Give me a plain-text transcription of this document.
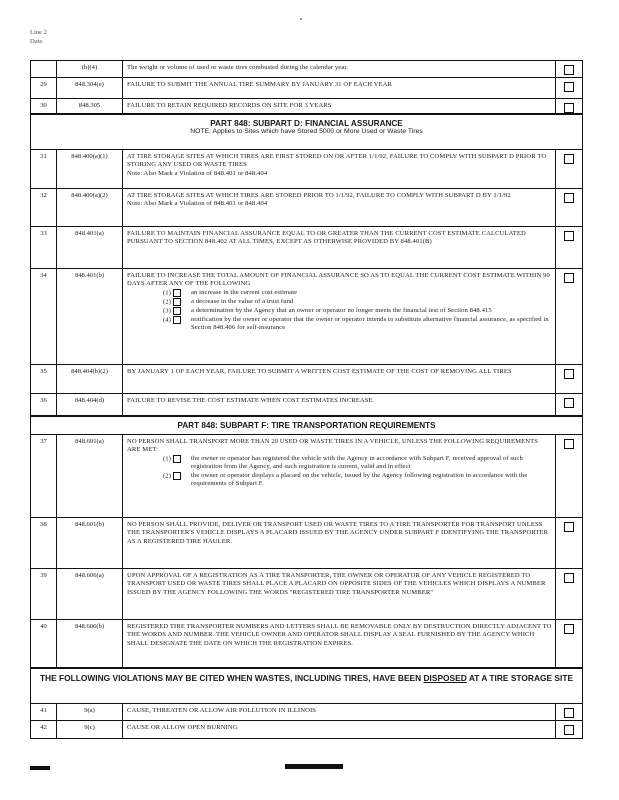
Line 2
Date
(b)(4)	The weight or volume of used or waste tires combusted during the calendar year.
29	848.304(e)	FAILURE TO SUBMIT THE ANNUAL TIRE SUMMARY BY JANUARY 31 OF EACH YEAR
30	848.305	FAILURE TO RETAIN REQUIRED RECORDS ON SITE FOR 3 YEARS
PART 848: SUBPART D: FINANCIAL ASSURANCE
NOTE: Applies to Sites which have Stored 5000 or More Used or Waste Tires
31	848.400(a)(1)	AT TIRE STORAGE SITES AT WHICH TIRES ARE FIRST STORED ON OR AFTER 1/1/92, FAILURE TO COMPLY WITH SUBPART D PRIOR TO STORING ANY USED OR WASTE TIRES
Note: Also Mark a Violation of 848.401 or 848.404
32	848.400(a)(2)	AT TIRE STORAGE SITES AT WHICH TIRES ARE STORED PRIOR TO 1/1/92, FAILURE TO COMPLY WITH SUBPART D BY 1/1/92
Note: Also Mark a Violation of 848.401 or 848.404
33	848.401(a)	FAILURE TO MAINTAIN FINANCIAL ASSURANCE EQUAL TO OR GREATER THAN THE CURRENT COST ESTIMATE CALCULATED PURSUANT TO SECTION 848.402 AT ALL TIMES, EXCEPT AS OTHERWISE PROVIDED BY 848.401(B)
34	848.401(b)	FAILURE TO INCREASE THE TOTAL AMOUNT OF FINANCIAL ASSURANCE SO AS TO EQUAL THE CURRENT COST ESTIMATE WITHIN 90 DAYS AFTER ANY OF THE FOLLOWING
(1)	an increase in the current cost estimate
(2)	a decrease in the value of a trust fund
(3)	a determination by the Agency that an owner or operator no longer meets the financial test of Section 848.415
(4)	notification by the owner or operator that the owner or operator intends to substitute alternative financial assurance, as specified in Section 848.406 for self-insurance
35	848.404(b)(2)	BY JANUARY 1 OF EACH YEAR, FAILURE TO SUBMIT A WRITTEN COST ESTIMATE OF THE COST OF REMOVING ALL TIRES
36	848.404(d)	FAILURE TO REVISE THE COST ESTIMATE WHEN COST ESTIMATES INCREASE.
PART 848: SUBPART F: TIRE TRANSPORTATION REQUIREMENTS
37	848.601(a)	NO PERSON SHALL TRANSPORT MORE THAN 20 USED OR WASTE TIRES IN A VEHICLE, UNLESS THE FOLLOWING REQUIREMENTS ARE MET:
(1)	the owner or operator has registered the vehicle with the Agency in accordance with Subpart F, received approval of such registration from the Agency, and such registration is current, valid and in effect
(2)	the owner or operator displays a placard on the vehicle, issued by the Agency following registration in accordance with the requirements of Subpart F.
38	848.601(b)	NO PERSON SHALL PROVIDE, DELIVER OR TRANSPORT USED OR WASTE TIRES TO A TIRE TRANSPORTER FOR TRANSPORT UNLESS THE TRANSPORTER'S VEHICLE DISPLAYS A PLACARD ISSUED BY THE AGENCY UNDER SUBPART F IDENTIFYING THE TRANSPORTER AS A REGISTERED TIRE HAULER.
39	848.606(a)	UPON APPROVAL OF A REGISTRATION AS A TIRE TRANSPORTER, THE OWNER OR OPERATOR OF ANY VEHICLE REGISTERED TO TRANSPORT USED OR WASTE TIRES SHALL PLACE A PLACARD ON OPPOSITE SIDES OF THE VEHICLES WHICH DISPLAYS A NUMBER ISSUED BY THE AGENCY FOLLOWING THE WORDS "REGISTERED TIRE TRANSPORTER NUMBER"
40	848.606(b)	REGISTERED TIRE TRANSPORTER NUMBERS AND LETTERS SHALL BE REMOVABLE ONLY BY DESTRUCTION DIRECTLY ADJACENT TO THE WORDS AND NUMBER. THE VEHICLE OWNER AND OPERATOR SHALL DISPLAY A SEAL FURNISHED BY THE AGENCY WHICH SHALL DESIGNATE THE DATE ON WHICH THE REGISTRATION EXPIRES.
THE FOLLOWING VIOLATIONS MAY BE CITED WHEN WASTES, INCLUDING TIRES, HAVE BEEN DISPOSED AT A TIRE STORAGE SITE
41	9(a)	CAUSE, THREATEN OR ALLOW AIR POLLUTION IN ILLINOIS
42	9(c)	CAUSE OR ALLOW OPEN BURNING
